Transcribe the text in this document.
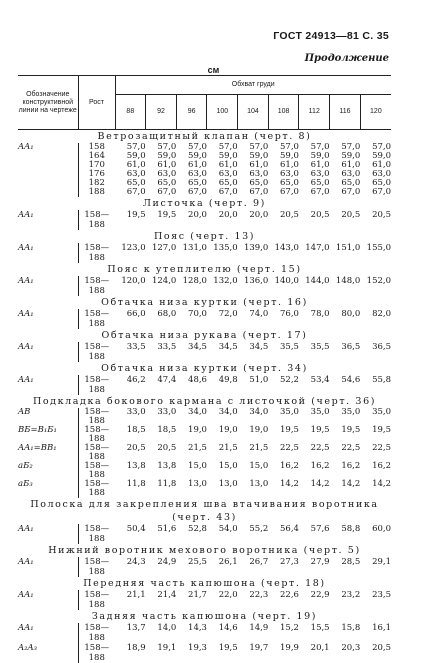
ГОСТ 24913—81 С. 35
Продолжение
см
Обозначение конструктивной линии на чертеже	Рост	Обхват груди								
		88	92	96	100	104	108	112	116	120
Ветрозащитный клапан (черт. 8)										
AA₁	158	57,0	57,0	57,0	57,0	57,0	57,0	57,0	57,0	57,0
	164	59,0	59,0	59,0	59,0	59,0	59,0	59,0	59,0	59,0
	170	61,0	61,0	61,0	61,0	61,0	61,0	61,0	61,0	61,0
	176	63,0	63,0	63,0	63,0	63,0	63,0	63,0	63,0	63,0
	182	65,0	65,0	65,0	65,0	65,0	65,0	65,0	65,0	65,0
	188	67,0	67,0	67,0	67,0	67,0	67,0	67,0	67,0	67,0
Листочка (черт. 9)										
AA₁	158—188	19,5	19,5	20,0	20,0	20,0	20,5	20,5	20,5	20,5
Пояс (черт. 13)										
AA₁	158—188	123,0	127,0	131,0	135,0	139,0	143,0	147,0	151,0	155,0
Пояс к утеплителю (черт. 15)										
AA₁	158—188	120,0	124,0	128,0	132,0	136,0	140,0	144,0	148,0	152,0
Обтачка низа куртки (черт. 16)										
AA₁	158—188	66,0	68,0	70,0	72,0	74,0	76,0	78,0	80,0	82,0
Обтачка низа рукава (черт. 17)										
AA₁	158—188	33,5	33,5	34,5	34,5	34,5	35,5	35,5	36,5	36,5
Обтачка низа куртки (черт. 34)										
AA₁	158—188	46,2	47,4	48,6	49,8	51,0	52,2	53,4	54,6	55,8
Подкладка бокового кармана с листочкой (черт. 36)										
AB	158—188	33,0	33,0	34,0	34,0	34,0	35,0	35,0	35,0	35,0
BБ=B₁Б₁	158—188	18,5	18,5	19,0	19,0	19,0	19,5	19,5	19,5	19,5
AA₁=BB₁	158—188	20,5	20,5	21,5	21,5	21,5	22,5	22,5	22,5	22,5
aБ₂	158—188	13,8	13,8	15,0	15,0	15,0	16,2	16,2	16,2	16,2
aБ₃	158—188	11,8	11,8	13,0	13,0	13,0	14,2	14,2	14,2	14,2
Полоска для закрепления шва втачивания воротника (черт. 43)										
AA₁	158—188	50,4	51,6	52,8	54,0	55,2	56,4	57,6	58,8	60,0
Нижний воротник мехового воротника (черт. 5)										
AA₁	158—188	24,3	24,9	25,5	26,1	26,7	27,3	27,9	28,5	29,1
Передняя часть капюшона (черт. 18)										
AA₁	158—188	21,1	21,4	21,7	22,0	22,3	22,6	22,9	23,2	23,5
Задняя часть капюшона (черт. 19)										
AA₁	158—188	13,7	14,0	14,3	14,6	14,9	15,2	15,5	15,8	16,1
A₂A₃	158—188	18,9	19,1	19,3	19,5	19,7	19,9	20,1	20,3	20,5
